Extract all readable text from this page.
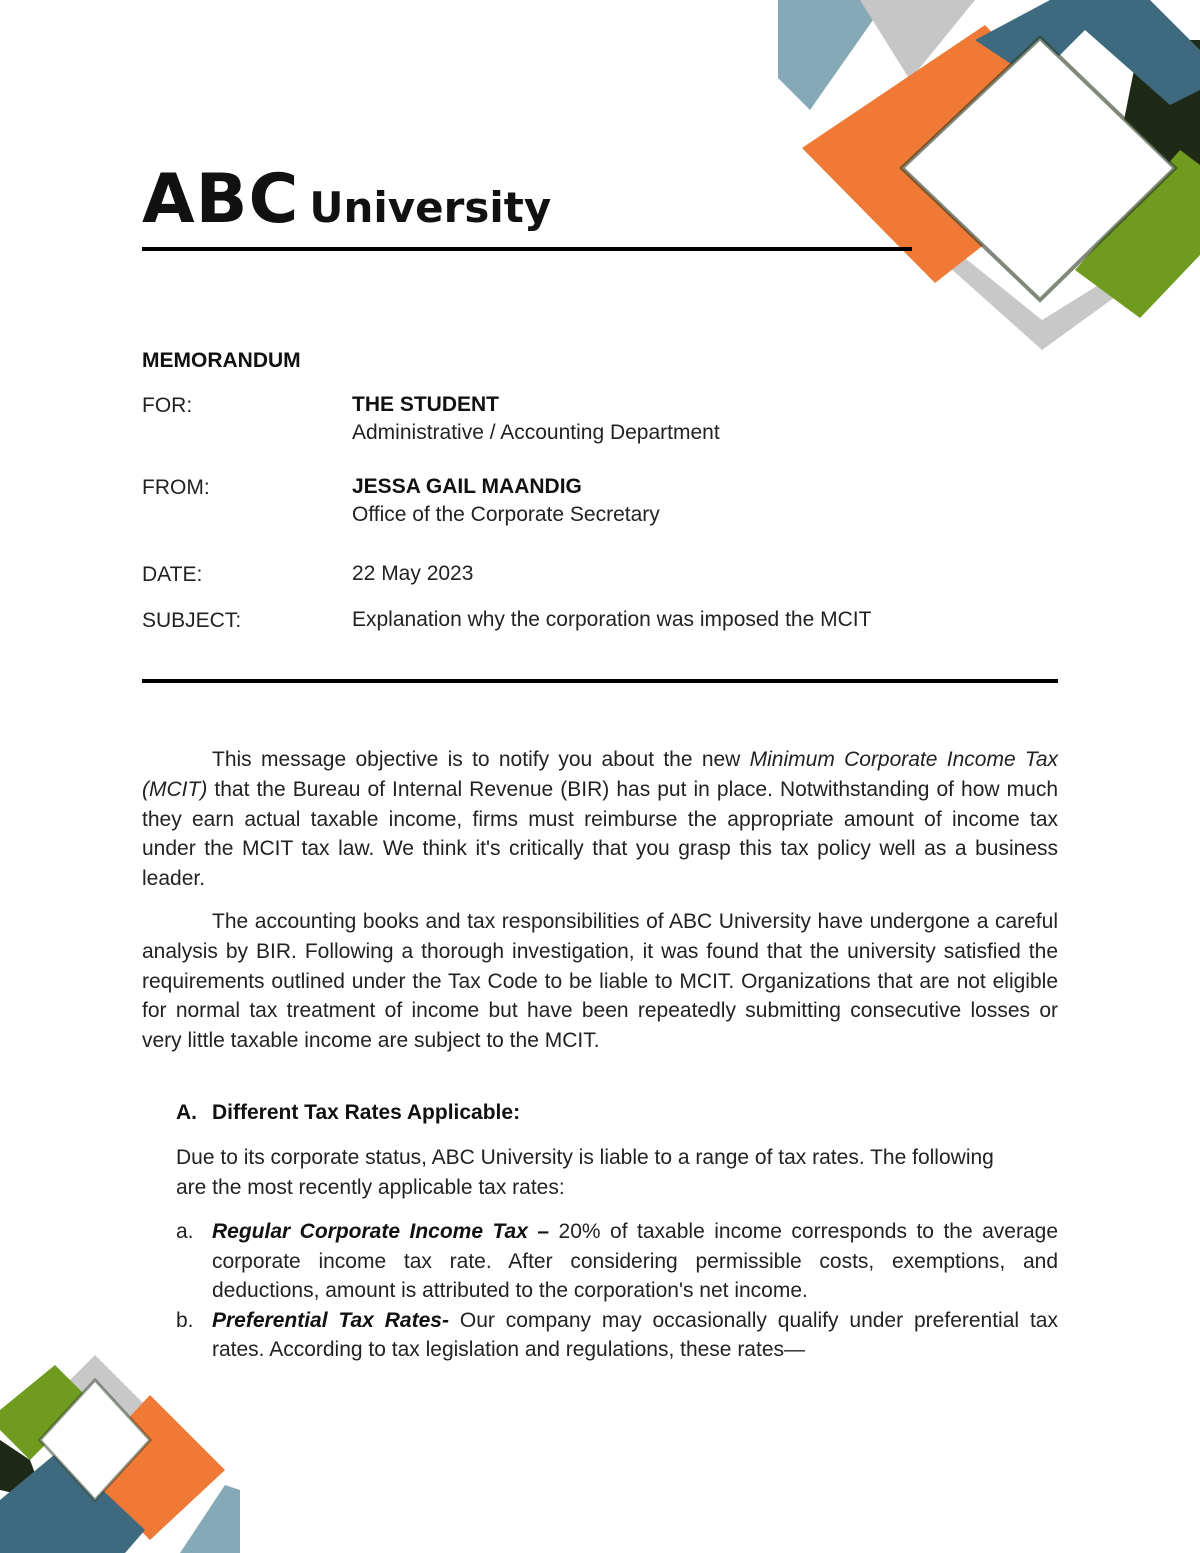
ABC University
MEMORANDUM
FOR:	THE STUDENT
Administrative / Accounting Department
FROM:	JESSA GAIL MAANDIG
Office of the Corporate Secretary
DATE:	22 May 2023
SUBJECT:	Explanation why the corporation was imposed the MCIT

This message objective is to notify you about the new Minimum Corporate Income Tax (MCIT) that the Bureau of Internal Revenue (BIR) has put in place. Notwithstanding of how much they earn actual taxable income, firms must reimburse the appropriate amount of income tax under the MCIT tax law. We think it's critically that you grasp this tax policy well as a business leader.

The accounting books and tax responsibilities of ABC University have undergone a careful analysis by BIR. Following a thorough investigation, it was found that the university satisfied the requirements outlined under the Tax Code to be liable to MCIT. Organizations that are not eligible for normal tax treatment of income but have been repeatedly submitting consecutive losses or very little taxable income are subject to the MCIT.

A. Different Tax Rates Applicable:
Due to its corporate status, ABC University is liable to a range of tax rates. The following are the most recently applicable tax rates:
a. Regular Corporate Income Tax – 20% of taxable income corresponds to the average corporate income tax rate. After considering permissible costs, exemptions, and deductions, amount is attributed to the corporation's net income.
b. Preferential Tax Rates- Our company may occasionally qualify under preferential tax rates. According to tax legislation and regulations, these rates—
